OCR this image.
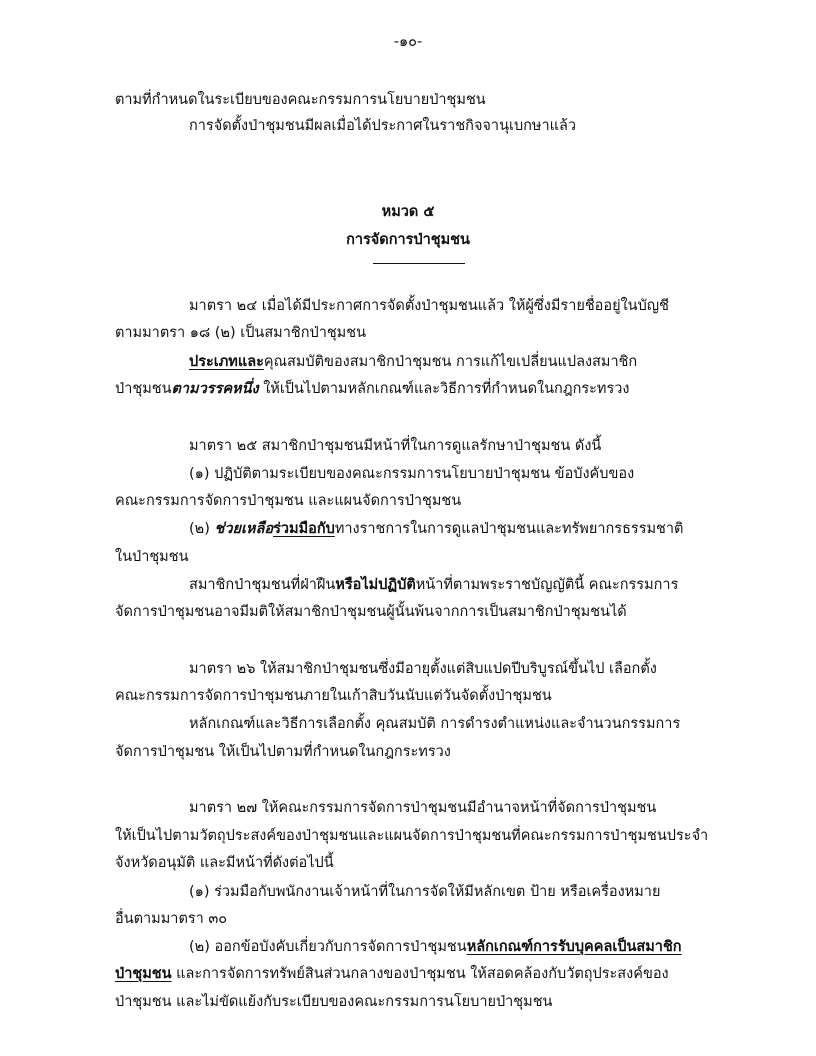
-๑๐-
ตามที่กำหนดในระเบียบของคณะกรรมการนโยบายป่าชุมชน
การจัดตั้งป่าชุมชนมีผลเมื่อได้ประกาศในราชกิจจานุเบกษาแล้ว
หมวด ๕
การจัดการป่าชุมชน
มาตรา ๒๔ เมื่อได้มีประกาศการจัดตั้งป่าชุมชนแล้ว ให้ผู้ซึ่งมีรายชื่ออยู่ในบัญชี
ตามมาตรา ๑๘ (๒) เป็นสมาชิกป่าชุมชน
ประเภทและคุณสมบัติของสมาชิกป่าชุมชน การแก้ไขเปลี่ยนแปลงสมาชิก
ป่าชุมชนตามวรรคหนึ่ง ให้เป็นไปตามหลักเกณฑ์และวิธีการที่กำหนดในกฎกระทรวง
มาตรา ๒๕ สมาชิกป่าชุมชนมีหน้าที่ในการดูแลรักษาป่าชุมชน ดังนี้
(๑) ปฏิบัติตามระเบียบของคณะกรรมการนโยบายป่าชุมชน ข้อบังคับของ
คณะกรรมการจัดการป่าชุมชน และแผนจัดการป่าชุมชน
(๒) ช่วยเหลือร่วมมือกับทางราชการในการดูแลป่าชุมชนและทรัพยากรธรรมชาติ
ในป่าชุมชน
สมาชิกป่าชุมชนที่ฝ่าฝืนหรือไม่ปฏิบัติหน้าที่ตามพระราชบัญญัตินี้ คณะกรรมการ
จัดการป่าชุมชนอาจมีมติให้สมาชิกป่าชุมชนผู้นั้นพ้นจากการเป็นสมาชิกป่าชุมชนได้
มาตรา ๒๖ ให้สมาชิกป่าชุมชนซึ่งมีอายุตั้งแต่สิบแปดปีบริบูรณ์ขึ้นไป เลือกตั้ง
คณะกรรมการจัดการป่าชุมชนภายในเก้าสิบวันนับแต่วันจัดตั้งป่าชุมชน
หลักเกณฑ์และวิธีการเลือกตั้ง คุณสมบัติ การดำรงตำแหน่งและจำนวนกรรมการ
จัดการป่าชุมชน ให้เป็นไปตามที่กำหนดในกฎกระทรวง
มาตรา ๒๗ ให้คณะกรรมการจัดการป่าชุมชนมีอำนาจหน้าที่จัดการป่าชุมชน
ให้เป็นไปตามวัตถุประสงค์ของป่าชุมชนและแผนจัดการป่าชุมชนที่คณะกรรมการป่าชุมชนประจำ
จังหวัดอนุมัติ และมีหน้าที่ดังต่อไปนี้
(๑) ร่วมมือกับพนักงานเจ้าหน้าที่ในการจัดให้มีหลักเขต ป้าย หรือเครื่องหมาย
อื่นตามมาตรา ๓๐
(๒) ออกข้อบังคับเกี่ยวกับการจัดการป่าชุมชนหลักเกณฑ์การรับบุคคลเป็นสมาชิก
ป่าชุมชน และการจัดการทรัพย์สินส่วนกลางของป่าชุมชน ให้สอดคล้องกับวัตถุประสงค์ของ
ป่าชุมชน และไม่ขัดแย้งกับระเบียบของคณะกรรมการนโยบายป่าชุมชน
